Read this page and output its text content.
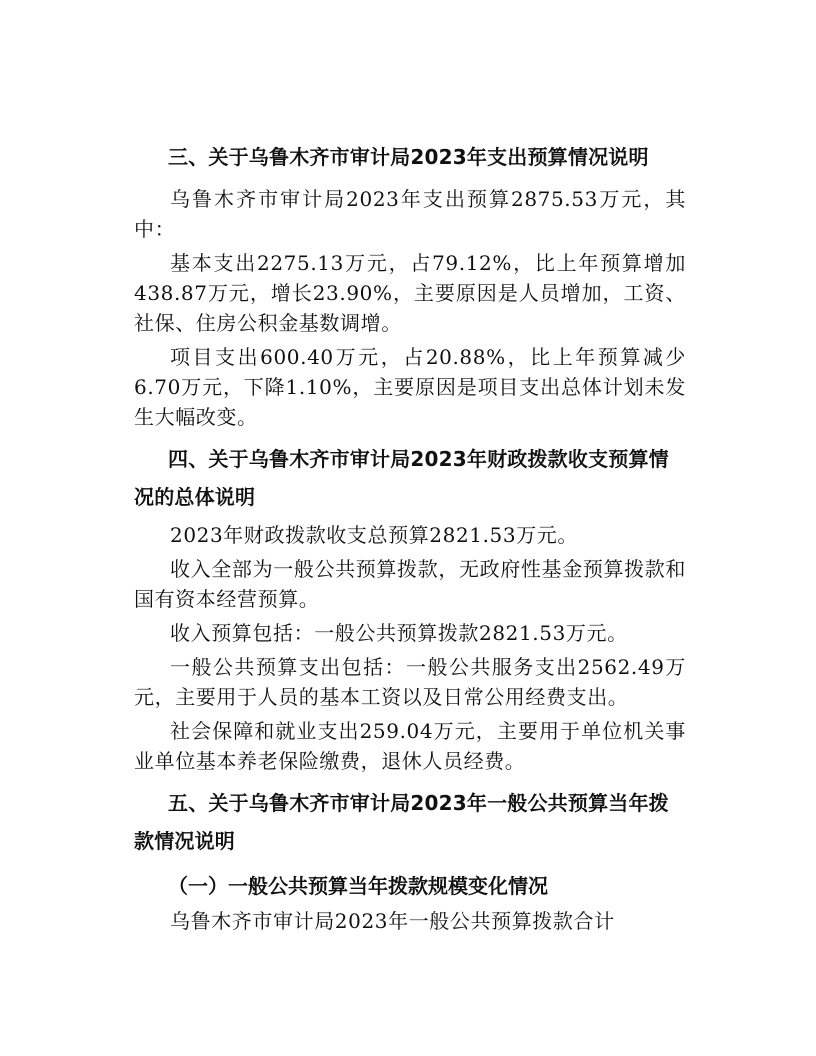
三、关于乌鲁木齐市审计局2023年支出预算情况说明

乌鲁木齐市审计局2023年支出预算2875.53万元，其中：

基本支出2275.13万元，占79.12%，比上年预算增加438.87万元，增长23.90%，主要原因是人员增加，工资、社保、住房公积金基数调增。

项目支出600.40万元，占20.88%，比上年预算减少6.70万元，下降1.10%，主要原因是项目支出总体计划未发生大幅改变。

四、关于乌鲁木齐市审计局2023年财政拨款收支预算情况的总体说明

2023年财政拨款收支总预算2821.53万元。

收入全部为一般公共预算拨款，无政府性基金预算拨款和国有资本经营预算。

收入预算包括：一般公共预算拨款2821.53万元。

一般公共预算支出包括：一般公共服务支出2562.49万元，主要用于人员的基本工资以及日常公用经费支出。

社会保障和就业支出259.04万元，主要用于单位机关事业单位基本养老保险缴费，退休人员经费。

五、关于乌鲁木齐市审计局2023年一般公共预算当年拨款情况说明
（一）一般公共预算当年拨款规模变化情况

乌鲁木齐市审计局2023年一般公共预算拨款合计
